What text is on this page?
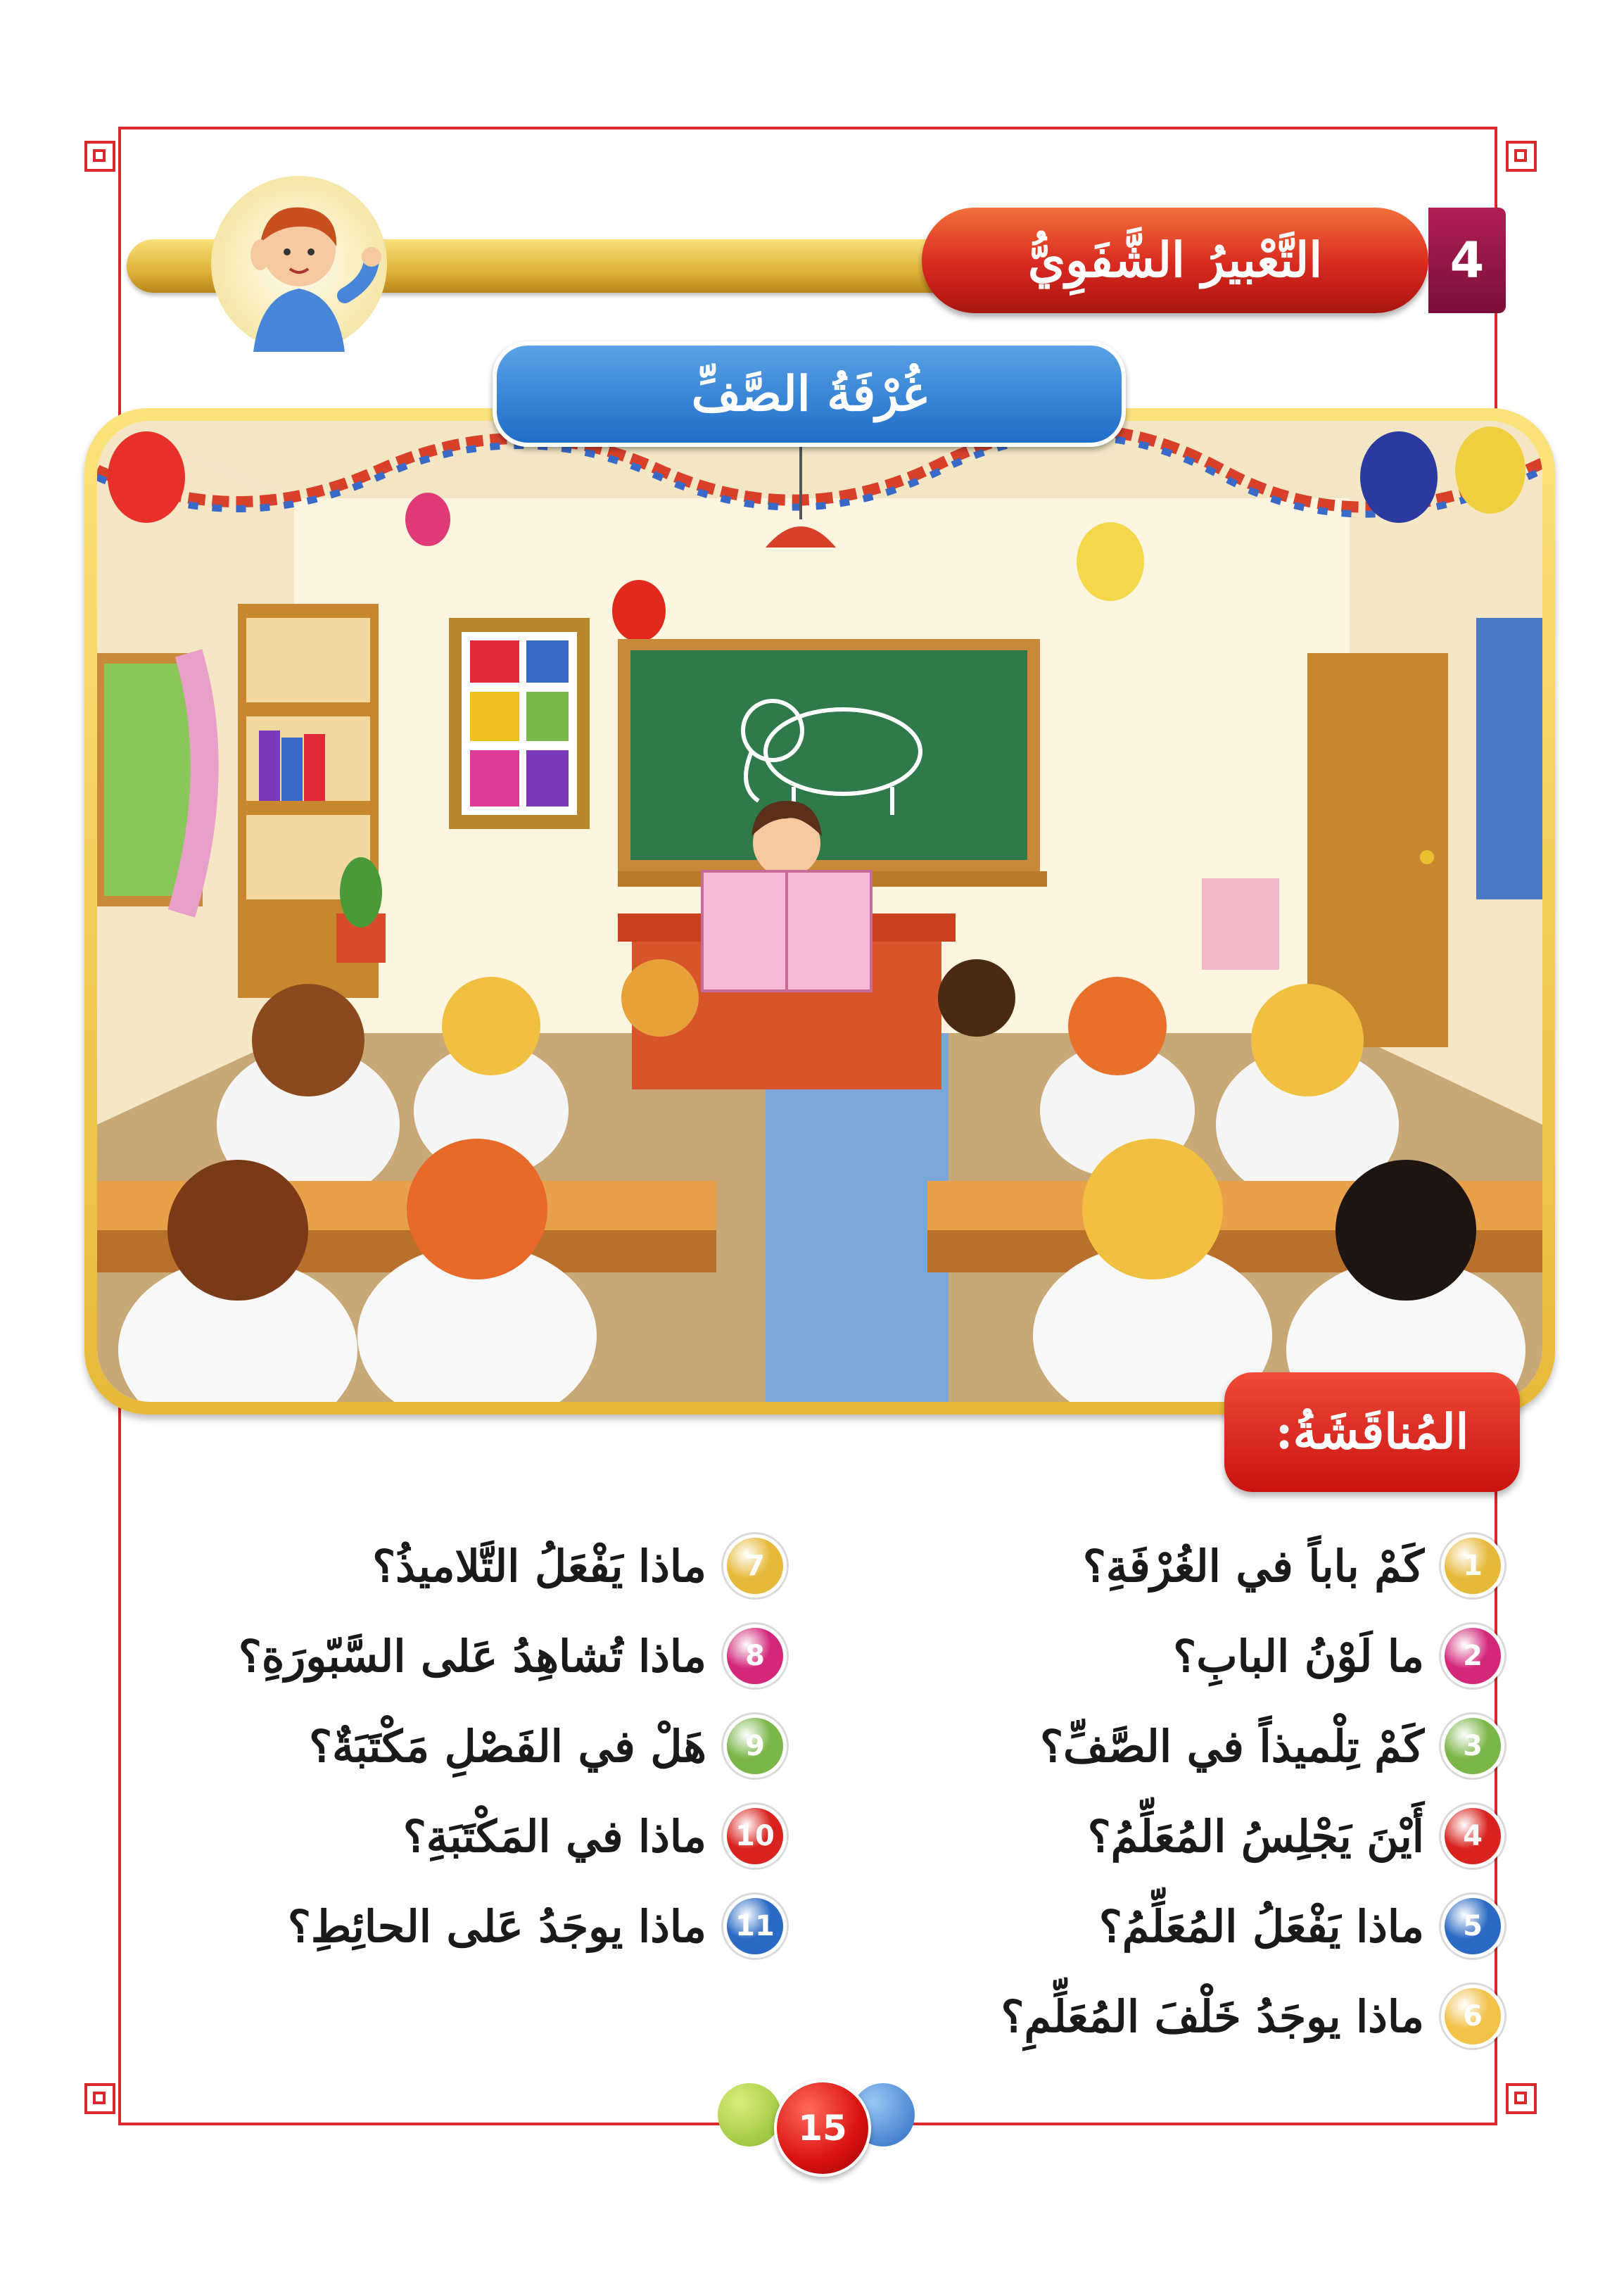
التَّعْبيرُ الشَّفَوِيُّ	4
غُرْفَةُ الصَّفِّ
المُناقَشَةُ:
1
كَمْ باباً في الغُرْفَةِ؟
2
ما لَوْنُ البابِ؟
3
كَمْ تِلْميذاً في الصَّفِّ؟
4
أَيْنَ يَجْلِسُ المُعَلِّمُ؟
5
ماذا يَفْعَلُ المُعَلِّمُ؟
6
ماذا يوجَدُ خَلْفَ المُعَلِّمِ؟
7
ماذا يَفْعَلُ التَّلاميذُ؟
8
ماذا تُشاهِدُ عَلى السَّبّورَةِ؟
9
هَلْ في الفَصْلِ مَكْتَبَةٌ؟
10
ماذا في المَكْتَبَةِ؟
11
ماذا يوجَدُ عَلى الحائِطِ؟
15
